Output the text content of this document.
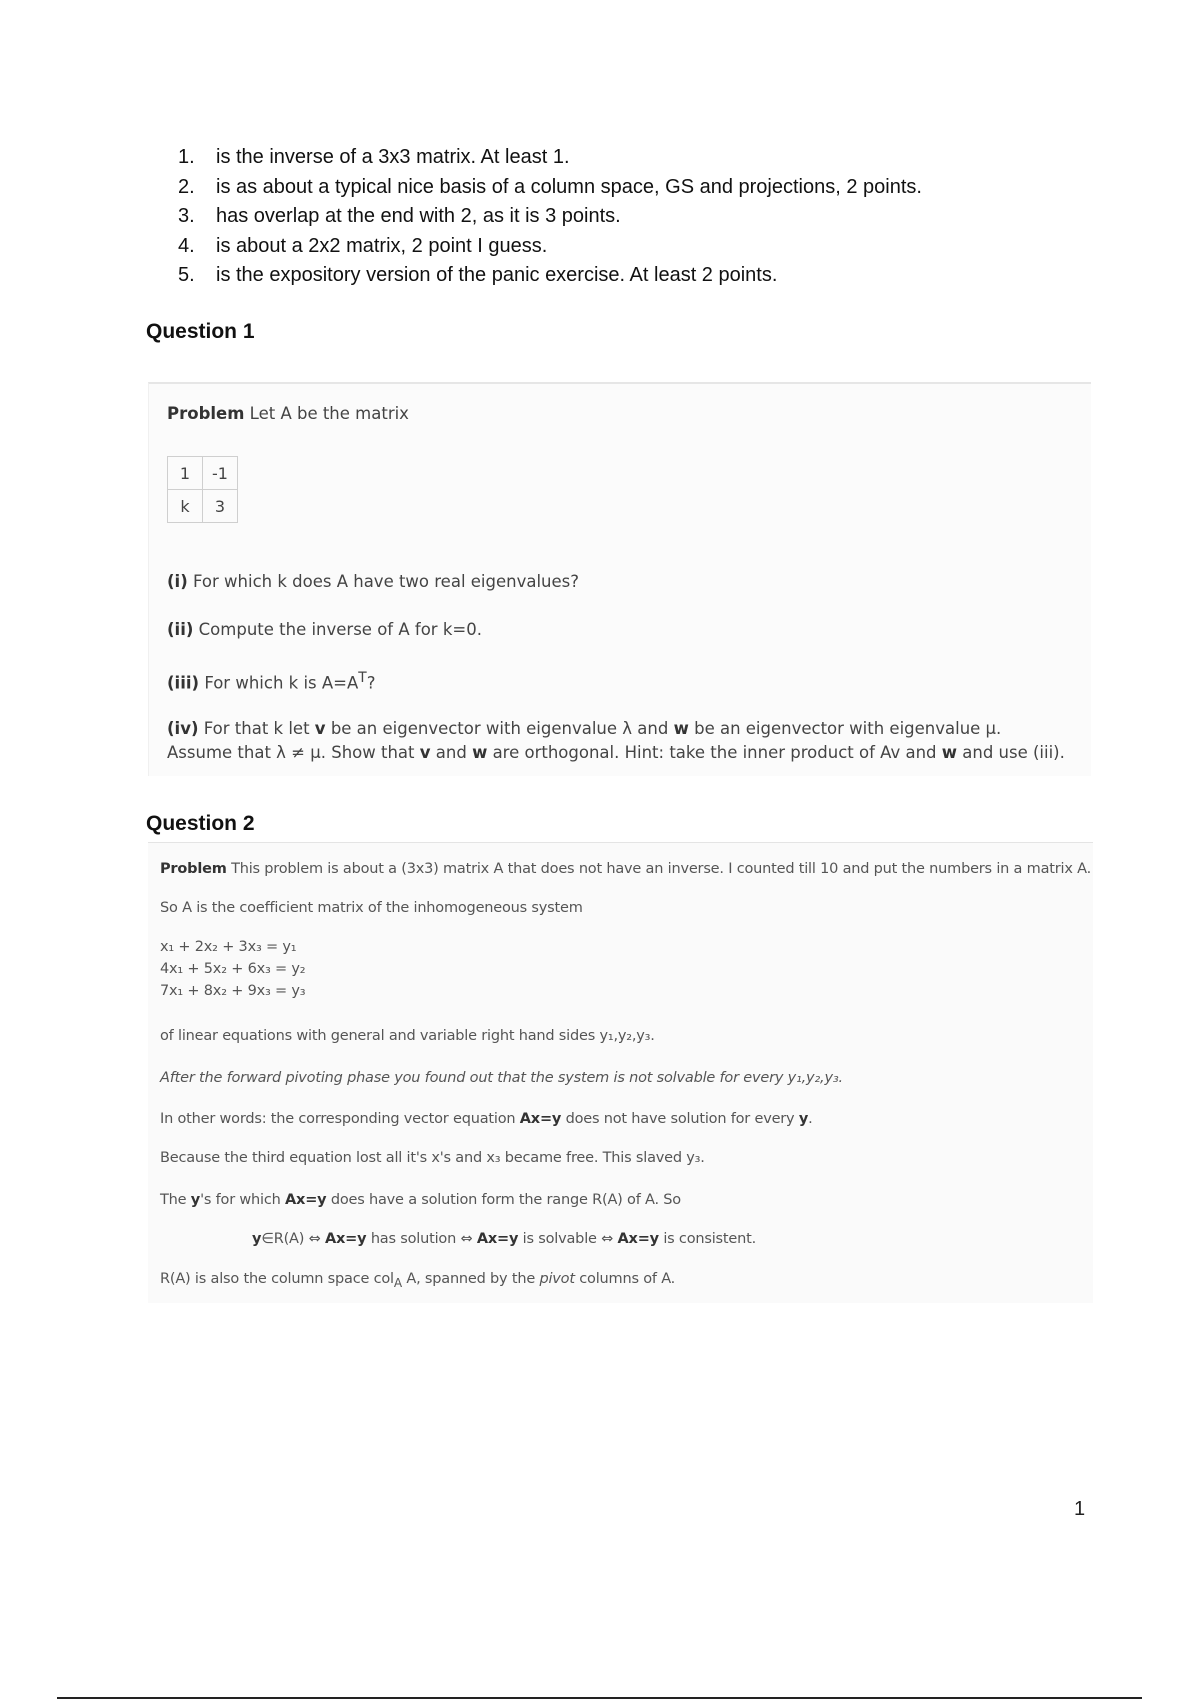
1.	is the inverse of a 3x3 matrix. At least 1.
2.	is as about a typical nice basis of a column space, GS and projections, 2 points.
3.	has overlap at the end with 2, as it is 3 points.
4.	is about a 2x2 matrix, 2 point I guess.
5.	is the expository version of the panic exercise. At least 2 points.
Question 1
Problem Let A be the matrix
1	-1
k	3
(i) For which k does A have two real eigenvalues?
(ii) Compute the inverse of A for k=0.
(iii) For which k is $A=A^T$?
(iv) For that k let v be an eigenvector with eigenvalue λ and w be an eigenvector with eigenvalue μ.
Assume that λ ≠ μ. Show that v and w are orthogonal. Hint: take the inner product of Av and w and use (iii).
Question 2
Problem This problem is about a (3x3) matrix A that does not have an inverse. I counted till 10 and put the numbers in a matrix A.
So A is the coefficient matrix of the inhomogeneous system
x₁ + 2x₂ + 3x₃ = y₁
4x₁ + 5x₂ + 6x₃ = y₂
7x₁ + 8x₂ + 9x₃ = y₃
of linear equations with general and variable right hand sides y₁,y₂,y₃.
After the forward pivoting phase you found out that the system is not solvable for every y₁,y₂,y₃.
In other words: the corresponding vector equation Ax=y does not have solution for every y.
Because the third equation lost all it's x's and x₃ became free. This slaved y₃.
The y's for which Ax=y does have a solution form the range R(A) of A. So
y∈R(A) ⇔ Ax=y has solution ⇔ Ax=y is solvable ⇔ Ax=y is consistent.
R(A) is also the column space col$_A$ A, spanned by the pivot columns of A.
1
